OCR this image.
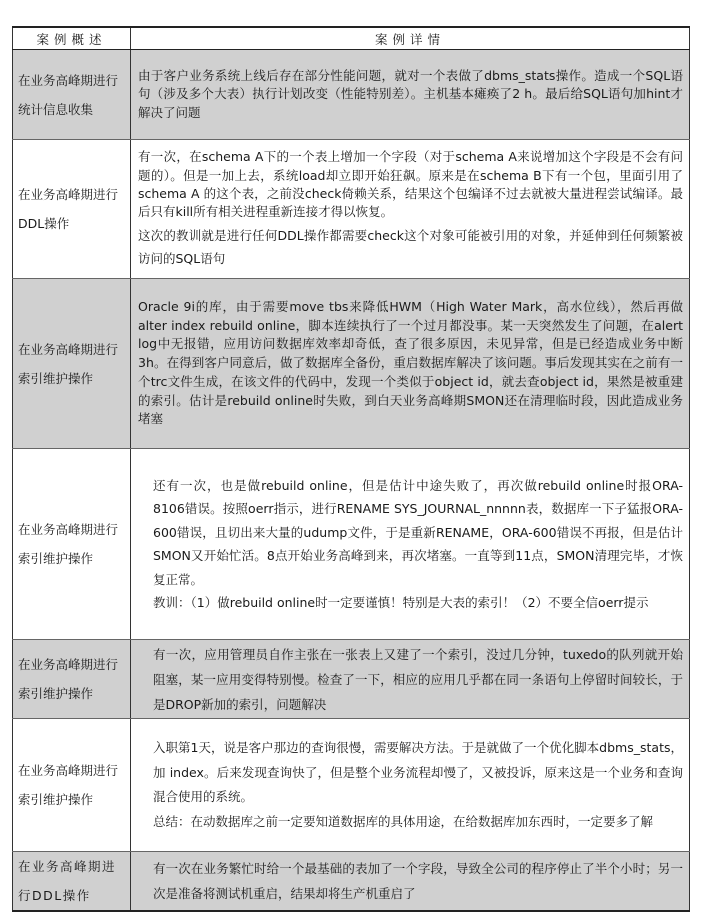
案例概述	案例详情
在业务高峰期进行统计信息收集	由于客户业务系统上线后存在部分性能问题，就对一个表做了dbms_stats操作。造成一个SQL语句（涉及多个大表）执行计划改变（性能特别差）。主机基本瘫痪了2 h。最后给SQL语句加hint才解决了问题

在业务高峰期进行DDL操作	有一次，在schema A下的一个表上增加一个字段（对于schema A来说增加这个字段是不会有问题的）。但是一加上去，系统load却立即开始狂飙。原来是在schema B下有一个包，里面引用了schema A 的这个表，之前没check倚赖关系，结果这个包编译不过去就被大量进程尝试编译。最后只有kill所有相关进程重新连接才得以恢复。

这次的教训就是进行任何DDL操作都需要check这个对象可能被引用的对象，并延伸到任何频繁被访问的SQL语句

在业务高峰期进行索引维护操作	Oracle 9i的库，由于需要move tbs来降低HWM（High Water Mark，高水位线），然后再做alter index rebuild online，脚本连续执行了一个过月都没事。某一天突然发生了问题，在alert log中无报错，应用访问数据库效率却奇低，查了很多原因，未见异常，但是已经造成业务中断3h。在得到客户同意后，做了数据库全备份，重启数据库解决了该问题。事后发现其实在之前有一个trc文件生成，在该文件的代码中，发现一个类似于object id，就去查object id，果然是被重建的索引。估计是rebuild online时失败，到白天业务高峰期SMON还在清理临时段，因此造成业务堵塞

在业务高峰期进行索引维护操作	还有一次，也是做rebuild online，但是估计中途失败了，再次做rebuild online时报ORA-8106错误。按照oerr指示，进行RENAME SYS_JOURNAL_nnnnn表，数据库一下子猛报ORA-600错误，且切出来大量的udump文件，于是重新RENAME，ORA-600错误不再报，但是估计SMON又开始忙活。8点开始业务高峰到来，再次堵塞。一直等到11点，SMON清理完毕，才恢复正常。

教训：（1）做rebuild online时一定要谨慎！特别是大表的索引！（2）不要全信oerr提示

在业务高峰期进行索引维护操作	有一次，应用管理员自作主张在一张表上又建了一个索引，没过几分钟，tuxedo的队列就开始阻塞，某一应用变得特别慢。检查了一下，相应的应用几乎都在同一条语句上停留时间较长，于是DROP新加的索引，问题解决

在业务高峰期进行索引维护操作	入职第1天，说是客户那边的查询很慢，需要解决方法。于是就做了一个优化脚本dbms_stats，加 index。后来发现查询快了，但是整个业务流程却慢了，又被投诉，原来这是一个业务和查询混合使用的系统。

总结：在动数据库之前一定要知道数据库的具体用途，在给数据库加东西时，一定要多了解

在业务高峰期进行DDL操作	有一次在业务繁忙时给一个最基础的表加了一个字段，导致全公司的程序停止了半个小时；另一次是准备将测试机重启，结果却将生产机重启了
